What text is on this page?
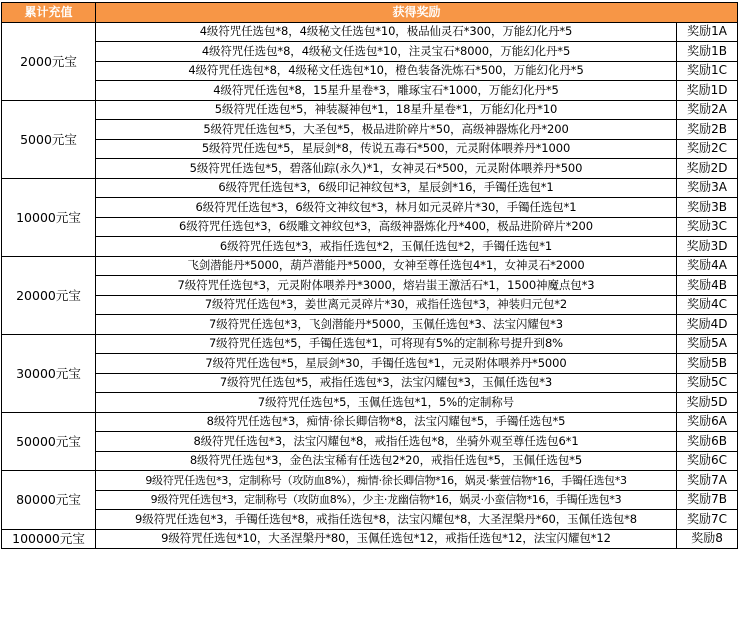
累计充值	获得奖励	
2000元宝	4级符咒任选包*8，4级秘文任选包*10，极品仙灵石*300，万能幻化丹*5	奖励1A
	4级符咒任选包*8，4级秘文任选包*10，注灵宝石*8000，万能幻化丹*5	奖励1B
	4级符咒任选包*8，4级秘文任选包*10，橙色装备洗炼石*500，万能幻化丹*5	奖励1C
	4级符咒任选包*8，15星升星卷*3，雕琢宝石*1000，万能幻化丹*5	奖励1D
5000元宝	5级符咒任选包*5，神装凝神包*1，18星升星卷*1，万能幻化丹*10	奖励2A
	5级符咒任选包*5，大圣包*5，极品进阶碎片*50，高级神器炼化丹*200	奖励2B
	5级符咒任选包*5，星辰剑*8，传说五毒石*500，元灵附体喂养丹*1000	奖励2C
	5级符咒任选包*5，碧落仙踪(永久)*1，女神灵石*500，元灵附体喂养丹*500	奖励2D
10000元宝	6级符咒任选包*3，6级印记神纹包*3，星辰剑*16，手镯任选包*1	奖励3A
	6级符咒任选包*3，6级符文神纹包*3，林月如元灵碎片*30，手镯任选包*1	奖励3B
	6级符咒任选包*3，6级雕文神纹包*3，高级神器炼化丹*400，极品进阶碎片*200	奖励3C
	6级符咒任选包*3，戒指任选包*2，玉佩任选包*2，手镯任选包*1	奖励3D
20000元宝	飞剑潜能丹*5000，葫芦潜能丹*5000，女神至尊任选包4*1，女神灵石*2000	奖励4A
	7级符咒任选包*3，元灵附体喂养丹*3000，熔岩蚩王激活石*1，1500神魔点包*3	奖励4B
	7级符咒任选包*3，姜世离元灵碎片*30，戒指任选包*3，神装归元包*2	奖励4C
	7级符咒任选包*3，飞剑潜能丹*5000，玉佩任选包*3、法宝闪耀包*3	奖励4D
30000元宝	7级符咒任选包*5，手镯任选包*1，可将现有5%的定制称号提升到8%	奖励5A
	7级符咒任选包*5，星辰剑*30，手镯任选包*1，元灵附体喂养丹*5000	奖励5B
	7级符咒任选包*5，戒指任选包*3，法宝闪耀包*3，玉佩任选包*3	奖励5C
	7级符咒任选包*5，玉佩任选包*1，5%的定制称号	奖励5D
50000元宝	8级符咒任选包*3，痴情·徐长卿信物*8，法宝闪耀包*5，手镯任选包*5	奖励6A
	8级符咒任选包*3，法宝闪耀包*8，戒指任选包*8，坐骑外观至尊任选包6*1	奖励6B
	8级符咒任选包*3，金色法宝稀有任选包2*20，戒指任选包*5，玉佩任选包*5	奖励6C
80000元宝	9级符咒任选包*3，定制称号（攻防血8%），痴情·徐长卿信物*16，娲灵·紫萱信物*16，手镯任选包*3	奖励7A
	9级符咒任选包*3，定制称号（攻防血8%），少主·龙幽信物*16，娲灵·小蛮信物*16，手镯任选包*3	奖励7B
	9级符咒任选包*3，手镯任选包*8，戒指任选包*8，法宝闪耀包*8，大圣涅槃丹*60，玉佩任选包*8	奖励7C
100000元宝	9级符咒任选包*10，大圣涅槃丹*80，玉佩任选包*12，戒指任选包*12，法宝闪耀包*12	奖励8
